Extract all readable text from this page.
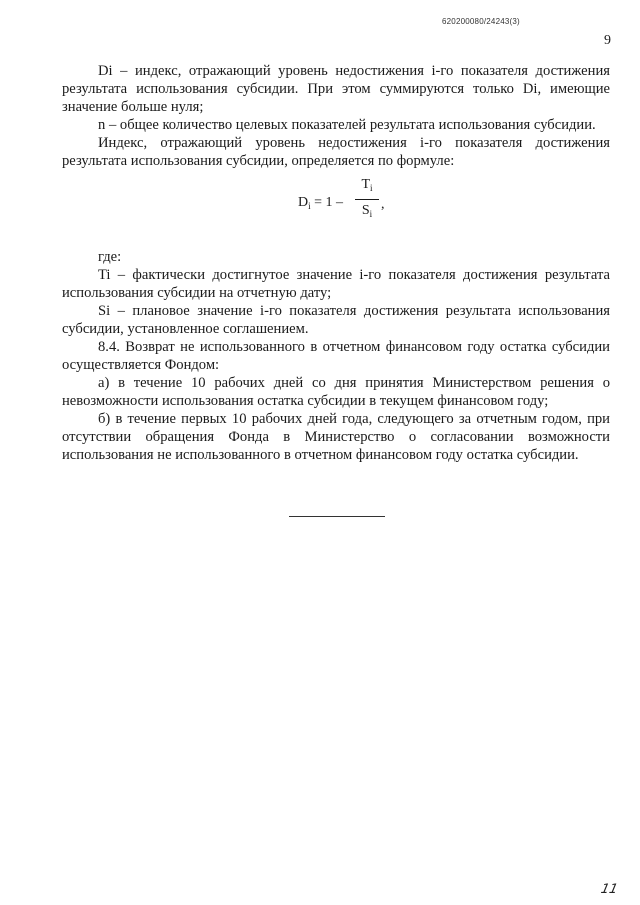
620200080/24243(3)
9

Di – индекс, отражающий уровень недостижения i-го показателя достижения результата использования субсидии. При этом суммируются только Di, имеющие значение больше нуля;

n – общее количество целевых показателей результата использования субсидии.

Индекс, отражающий уровень недостижения i-го показателя достижения результата использования субсидии, определяется по формуле:

$D_i = 1 - \frac{T_i}{S_i}$ ,

где:

Ti – фактически достигнутое значение i-го показателя достижения результата использования субсидии на отчетную дату;

Si – плановое значение i-го показателя достижения результата использования субсидии, установленное соглашением.

8.4. Возврат не использованного в отчетном финансовом году остатка субсидии осуществляется Фондом:

а) в течение 10 рабочих дней со дня принятия Министерством решения о невозможности использования остатка субсидии в текущем финансовом году;

б) в течение первых 10 рабочих дней года, следующего за отчетным годом, при отсутствии обращения Фонда в Министерство о согласовании возможности использования не использованного в отчетном финансовом году остатка субсидии.

11
